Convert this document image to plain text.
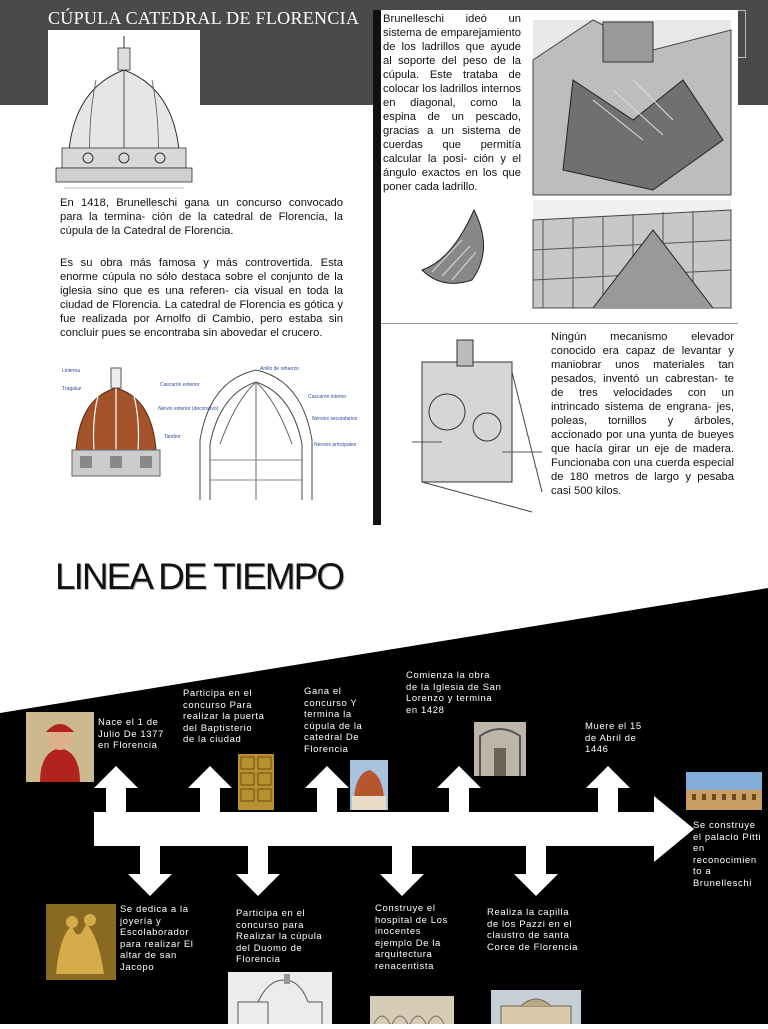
CÚPULA CATEDRAL DE FLORENCIA
En 1418, Brunelleschi gana un concurso convocado para la termina- ción de la catedral de Florencia, la cúpula de la Catedral de Florencia.
Es su obra más famosa y más controvertida. Esta enorme cúpula no sólo destaca sobre el conjunto de la iglesia sino que es una referen- cia visual en toda la ciudad de Florencia. La catedral de Florencia es gótica y fue realizada por Arnolfo di Cambio, pero estaba sin concluir pues se encontraba sin abovedar el crucero.
Linterna
Tragaluz
Cascarón exterior
Nervio exterior (decorativo)
Tambor
Anillo de refuerzo
Cascarón interno
Nervios secundarios
Nervios principales
Brunelleschi ideó un sistema de emparejamiento de los ladrillos que ayude al soporte del peso de la cúpula. Este trataba de colocar los ladrillos internos en diagonal, como la espina de un pescado, gracias a un sistema de cuerdas que permitía calcular la posi- ción y el ángulo exactos en los que poner cada ladrillo.
Ningún mecanismo elevador conocido era capaz de levantar y maniobrar unos materiales tan pesados, inventó un cabrestan- te de tres velocidades con un intrincado sistema de engrana- jes, poleas, tornillos y árboles, accionado por una yunta de bueyes que hacía girar un eje de madera. Funcionaba con una cuerda especial de 180 metros de largo y pesaba casi 500 kilos.
LINEA DE TIEMPO
Nace el 1 de Julio De 1377 en Florencia
Participa en el concurso Para realizar la puerta del Baptisterio de la ciudad
Gana el concurso Y termina la cúpula de la catedral De Florencia
Comienza la obra de la Iglesia de San Lorenzo y termina en 1428
Muere el 15 de Abril de 1446
Se construye el palacio Pitti en reconocimien to a Brunelleschi
Se dedica a la joyería y Escolaborador para realizar El altar de san Jacopo
Participa en el concurso para Realizar la cúpula del Duomo de Florencia
Construye el hospital de Los inocentes ejemplo De la arquitectura renacentista
Realiza la capilla de los Pazzi en el claustro de santa Corce de Florencia
